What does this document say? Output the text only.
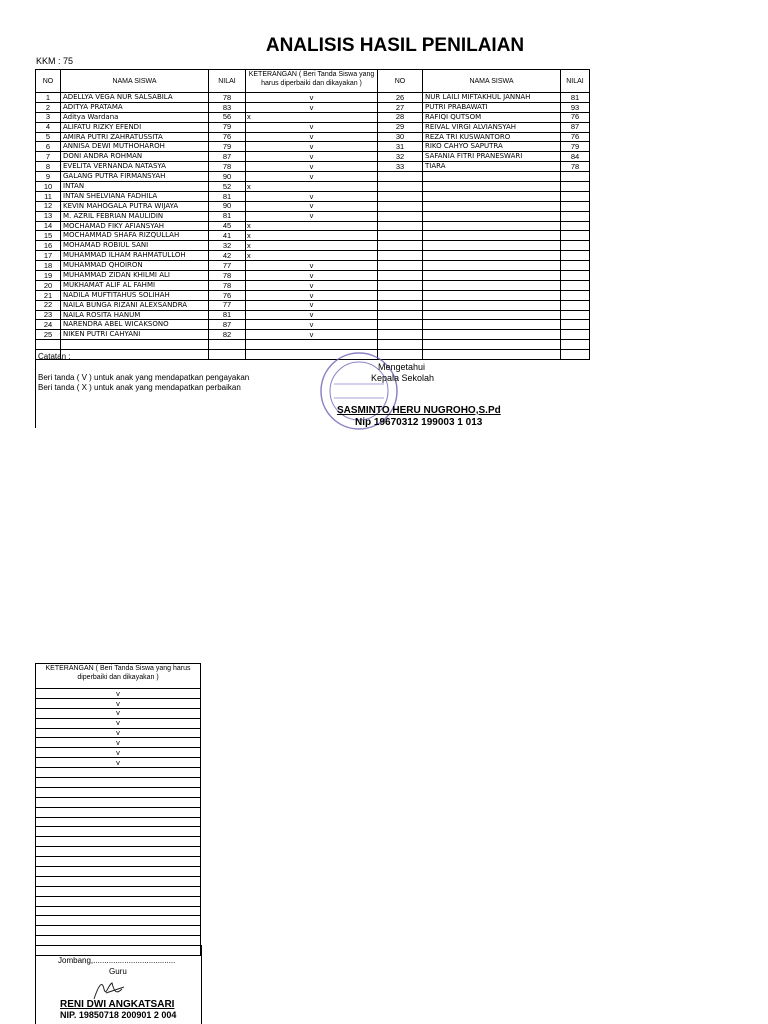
ANALISIS HASIL PENILAIAN
KKM : 75
NO	NAMA SISWA	NILAI	KETERANGAN ( Beri Tanda Siswa yang harus diperbaiki dan dikayakan )	NO	NAMA SISWA	NILAI
1	ADELLYA VEGA NUR SALSABILA	78	v	26	NUR LAILI MIFTAKHUL JANNAH	81
2	ADITYA PRATAMA	83	v	27	PUTRI PRABAWATI	93
3	Aditya Wardana	56	x	28	RAFIQI QUTSOM	76
4	ALIFATU RIZKY EFENDI	79	v	29	REIVAL VIRGI ALVIANSYAH	87
5	AMIRA PUTRI ZAHRATUSSITA	76	v	30	REZA TRI KUSWANTORO	76
6	ANNISA DEWI MUTHOHAROH	79	v	31	RIKO CAHYO SAPUTRA	79
7	DONI ANDRA ROHMAN	87	v	32	SAFANIA FITRI PRANESWARI	84
8	EVELITA VERNANDA NATASYA	78	v	33	TIARA	78
9	GALANG PUTRA FIRMANSYAH	90	v			
10	INTAN	52	x			
11	INTAN SHELVIANA FADHILA	81	v			
12	KEVIN MAHOGALA PUTRA WIJAYA	90	v			
13	M. AZRIL FEBRIAN MAULIDIN	81	v			
14	MOCHAMAD FIKY AFIANSYAH	45	x			
15	MOCHAMMAD SHAFA RIZQULLAH	41	x			
16	MOHAMAD ROBIUL SANI	32	x			
17	MUHAMMAD ILHAM RAHMATULLOH	42	x			
18	MUHAMMAD QHOIRON	77	v			
19	MUHAMMAD ZIDAN KHILMI ALI	78	v			
20	MUKHAMAT ALIF AL FAHMI	78	v			
21	NADILA MUFTITAHUS SOLIHAH	76	v			
22	NAILA BUNGA RIZANI ALEXSANDRA	77	v			
23	NAILA ROSITA HANUM	81	v			
24	NARENDRA ABEL WICAKSONO	87	v			
25	NIKEN PUTRI CAHYANI	82	v			

Catatan :
Beri tanda ( V ) untuk anak yang mendapatkan pengayakan
Beri tanda ( X ) untuk anak yang mendapatkan perbaikan
Mengetahui
Kepala Sekolah
SASMINTO HERU NUGROHO,S.Pd
Nip 19670312 199003 1 013
KETERANGAN ( Beri Tanda Siswa yang harus diperbaiki dan dikayakan )
v
v
v
v
v
v
v
v

Jombang,.....................................
Guru
RENI DWI ANGKATSARI
NIP. 19850718 200901 2 004
